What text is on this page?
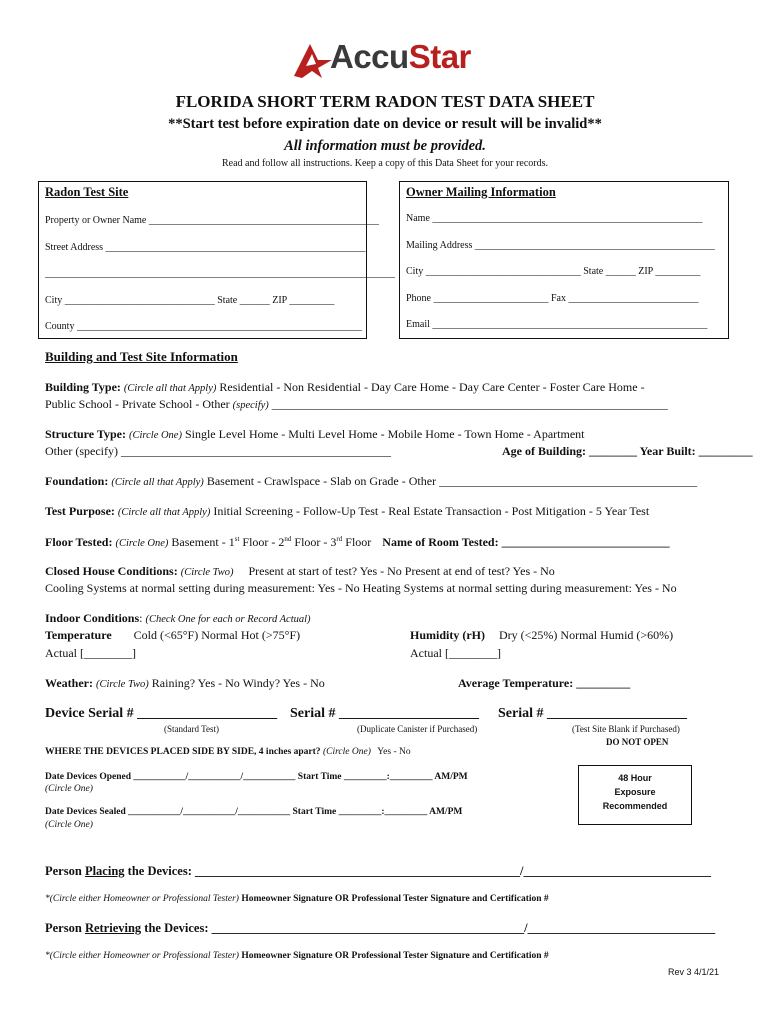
AccuStar
FLORIDA SHORT TERM RADON TEST DATA SHEET
**Start test before expiration date on device or result will be invalid**
All information must be provided.
Read and follow all instructions. Keep a copy of this Data Sheet for your records.
Radon Test Site
Property or Owner Name ______________________________________________
Street Address ____________________________________________________
______________________________________________________________________
City ______________________________ State ______ ZIP _________
County _________________________________________________________
Owner Mailing Information
Name ______________________________________________________
Mailing Address ________________________________________________
City _______________________________ State ______ ZIP _________
Phone _______________________ Fax __________________________
Email _______________________________________________________
Building and Test Site Information
Building Type: (Circle all that Apply) Residential - Non Residential - Day Care Home - Day Care Center - Foster Care Home -
Public School - Private School - Other (specify) __________________________________________________________________
Structure Type: (Circle One) Single Level Home - Multi Level Home - Mobile Home - Town Home - Apartment
Other (specify) _____________________________________________	Age of Building: ________ Year Built: _________
Foundation: (Circle all that Apply) Basement - Crawlspace - Slab on Grade - Other ___________________________________________
Test Purpose: (Circle all that Apply) Initial Screening - Follow-Up Test - Real Estate Transaction - Post Mitigation - 5 Year Test
Floor Tested: (Circle One) Basement - 1st Floor - 2nd Floor - 3rd Floor Name of Room Tested: ____________________________
Closed House Conditions: (Circle Two) Present at start of test? Yes - No Present at end of test? Yes - No
Cooling Systems at normal setting during measurement: Yes - No Heating Systems at normal setting during measurement: Yes - No
Indoor Conditions: (Check One for each or Record Actual)
Temperature Cold (<65°F) Normal Hot (>75°F)	Humidity (rH) Dry (<25%) Normal Humid (>60%)
Actual [________]	Actual [________]
Weather: (Circle Two) Raining? Yes - No Windy? Yes - No	Average Temperature: _________
Device Serial # ____________________ Serial # ____________________ Serial # ____________________
(Standard Test)	(Duplicate Canister if Purchased)	(Test Site Blank if Purchased)
DO NOT OPEN
WHERE THE DEVICES PLACED SIDE BY SIDE, 4 inches apart? (Circle One) Yes - No
Date Devices Opened ___________/___________/___________ Start Time _________:_________ AM/PM
(Circle One)
Date Devices Sealed ___________/___________/___________ Start Time _________:_________ AM/PM
(Circle One)
48 Hour
Exposure
Recommended
Person Placing the Devices: ____________________________________________________/______________________________
*(Circle either Homeowner or Professional Tester) Homeowner Signature OR Professional Tester Signature and Certification #
Person Retrieving the Devices: __________________________________________________/______________________________
*(Circle either Homeowner or Professional Tester) Homeowner Signature OR Professional Tester Signature and Certification #
Rev 3 4/1/21
